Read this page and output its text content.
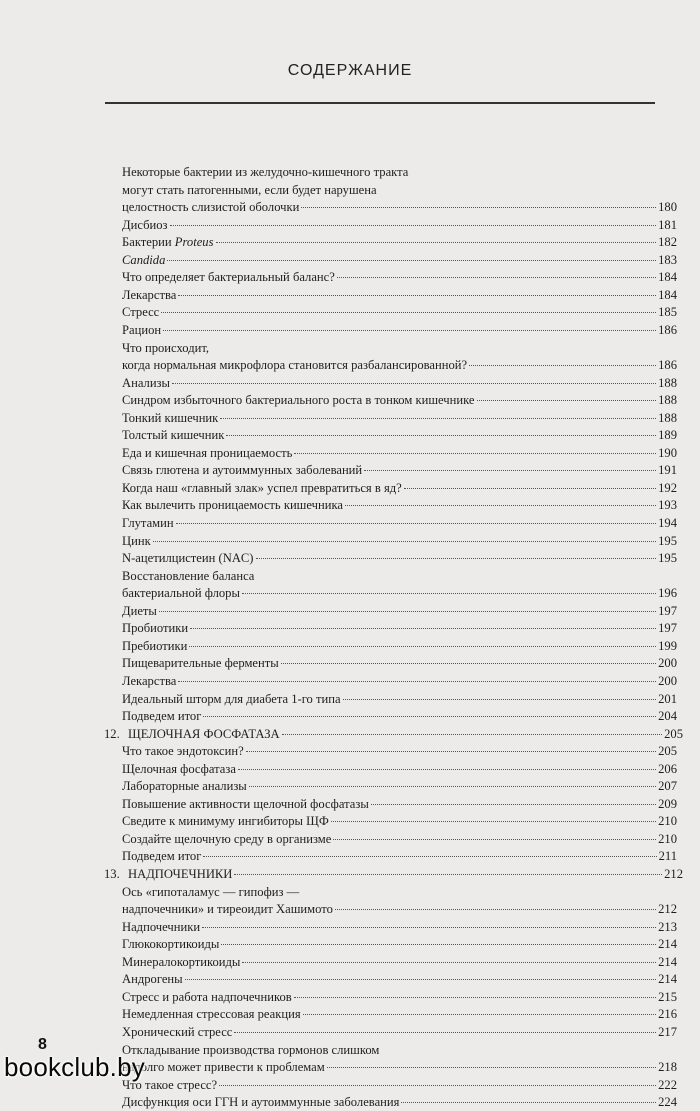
СОДЕРЖАНИЕ
Некоторые бактерии из желудочно-кишечного тракта
могут стать патогенными, если будет нарушена
целостность слизистой оболочки	180
Дисбиоз	181
Бактерии Proteus	182
Candida	183
Что определяет бактериальный баланс?	184
Лекарства	184
Стресс	185
Рацион	186
Что происходит,
когда нормальная микрофлора становится разбалансированной?	186
Анализы	188
Синдром избыточного бактериального роста в тонком кишечнике	188
Тонкий кишечник	188
Толстый кишечник	189
Еда и кишечная проницаемость	190
Связь глютена и аутоиммунных заболеваний	191
Когда наш «главный злак» успел превратиться в яд?	192
Как вылечить проницаемость кишечника	193
Глутамин	194
Цинк	195
N-ацетилцистеин (NAC)	195
Восстановление баланса
бактериальной флоры	196
Диеты	197
Пробиотики	197
Пребиотики	199
Пищеварительные ферменты	200
Лекарства	200
Идеальный шторм для диабета 1-го типа	201
Подведем итог	204
12. ЩЕЛОЧНАЯ ФОСФАТАЗА	205
Что такое эндотоксин?	205
Щелочная фосфатаза	206
Лабораторные анализы	207
Повышение активности щелочной фосфатазы	209
Сведите к минимуму ингибиторы ЩФ	210
Создайте щелочную среду в организме	210
Подведем итог	211
13. НАДПОЧЕЧНИКИ	212
Ось «гипоталамус — гипофиз —
надпочечники» и тиреоидит Хашимото	212
Надпочечники	213
Глюкокортикоиды	214
Минералокортикоиды	214
Андрогены	214
Стресс и работа надпочечников	215
Немедленная стрессовая реакция	216
Хронический стресс	217
Откладывание производства гормонов слишком
надолго может привести к проблемам	218
Что такое стресс?	222
Дисфункция оси ГГН и аутоиммунные заболевания	224
8
bookclub.by
